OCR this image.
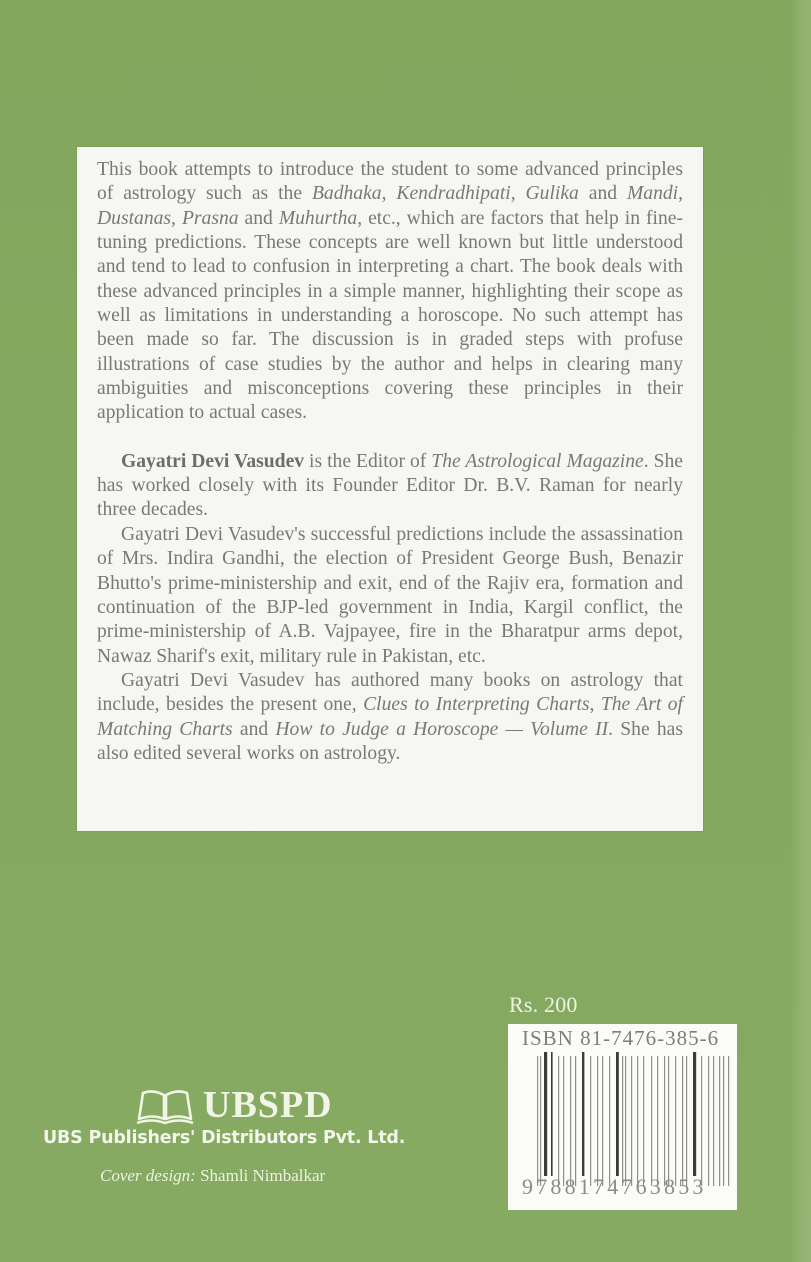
This book attempts to introduce the student to some advanced principles of astrology such as the Badhaka, Kendradhipati, Gulika and Mandi, Dustanas, Prasna and Muhurtha, etc., which are factors that help in fine-tuning predictions. These concepts are well known but little understood and tend to lead to confusion in interpreting a chart. The book deals with these advanced principles in a simple manner, highlighting their scope as well as limitations in understanding a horoscope. No such attempt has been made so far. The discussion is in graded steps with profuse illustrations of case studies by the author and helps in clearing many ambiguities and misconceptions covering these principles in their application to actual cases.

Gayatri Devi Vasudev is the Editor of The Astrological Magazine. She has worked closely with its Founder Editor Dr. B.V. Raman for nearly three decades.

Gayatri Devi Vasudev's successful predictions include the assassination of Mrs. Indira Gandhi, the election of President George Bush, Benazir Bhutto's prime-ministership and exit, end of the Rajiv era, formation and continuation of the BJP-led government in India, Kargil conflict, the prime-ministership of A.B. Vajpayee, fire in the Bharatpur arms depot, Nawaz Sharif's exit, military rule in Pakistan, etc.

Gayatri Devi Vasudev has authored many books on astrology that include, besides the present one, Clues to Interpreting Charts, The Art of Matching Charts and How to Judge a Horoscope — Volume II. She has also edited several works on astrology.

Rs. 200
ISBN 81-7476-385-6
9788174763853
UBSPD
UBS Publishers' Distributors Pvt. Ltd.
Cover design: Shamli Nimbalkar
